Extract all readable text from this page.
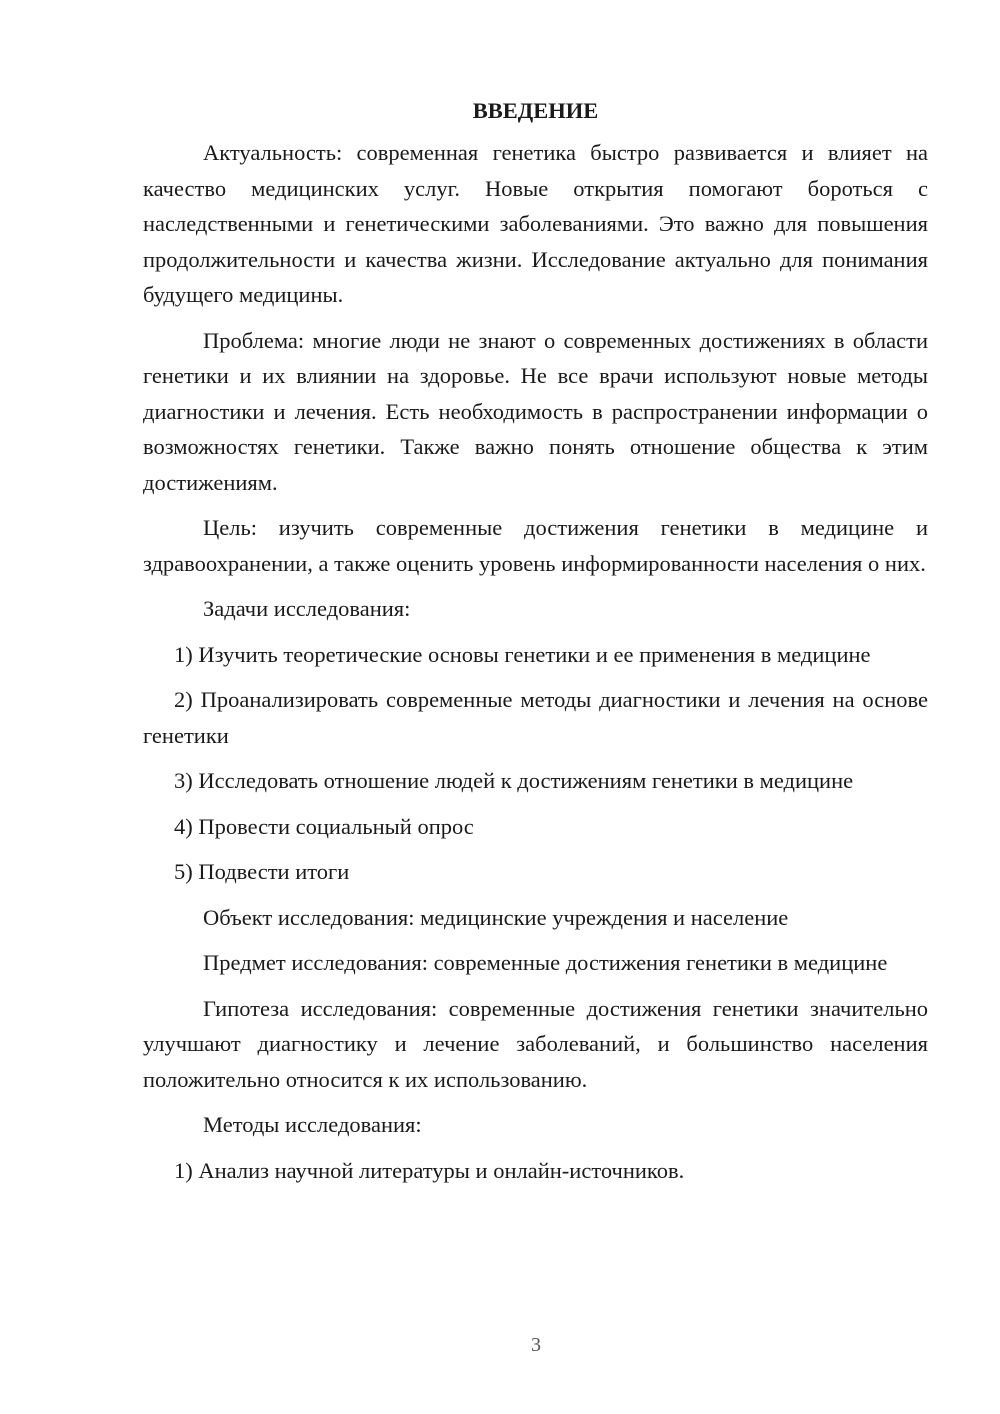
ВВЕДЕНИЕ

Актуальность: современная генетика быстро развивается и влияет на качество медицинских услуг. Новые открытия помогают бороться с наследственными и генетическими заболеваниями. Это важно для повышения продолжительности и качества жизни. Исследование актуально для понимания будущего медицины.

Проблема: многие люди не знают о современных достижениях в области генетики и их влиянии на здоровье. Не все врачи используют новые методы диагностики и лечения. Есть необходимость в распространении информации о возможностях генетики. Также важно понять отношение общества к этим достижениям.

Цель: изучить современные достижения генетики в медицине и здравоохранении, а также оценить уровень информированности населения о них.

Задачи исследования:

1) Изучить теоретические основы генетики и ее применения в медицине

2) Проанализировать современные методы диагностики и лечения на основе генетики

3) Исследовать отношение людей к достижениям генетики в медицине

4) Провести социальный опрос

5) Подвести итоги

Объект исследования: медицинские учреждения и население

Предмет исследования: современные достижения генетики в медицине

Гипотеза исследования: современные достижения генетики значительно улучшают диагностику и лечение заболеваний, и большинство населения положительно относится к их использованию.

Методы исследования:

1) Анализ научной литературы и онлайн-источников.

3
